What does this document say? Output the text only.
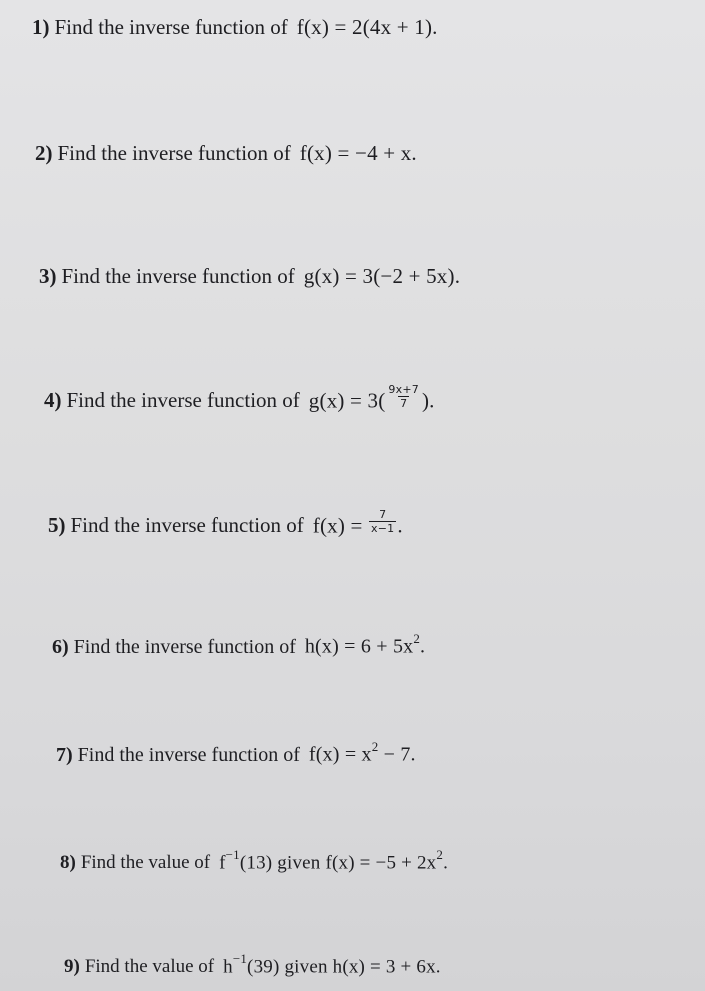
1) Find the inverse function of f(x) = 2(4x + 1).
2) Find the inverse function of f(x) = −4 + x.
3) Find the inverse function of g(x) = 3(−2 + 5x).
4) Find the inverse function of $g(x) = 3( \frac{9x+7}{7}$ ).
5) Find the inverse function of $f(x) = \frac{7}{x-1}$ .
6) Find the inverse function of $h(x) = 6 + 5x^2$.
7) Find the inverse function of $f(x) = x^2 - 7$.
8) Find the value of $f^{-1}(13)$ given $f(x) = -5 + 2x^2$.
9) Find the value of $h^{-1}(39)$ given h(x) = 3 + 6x.
